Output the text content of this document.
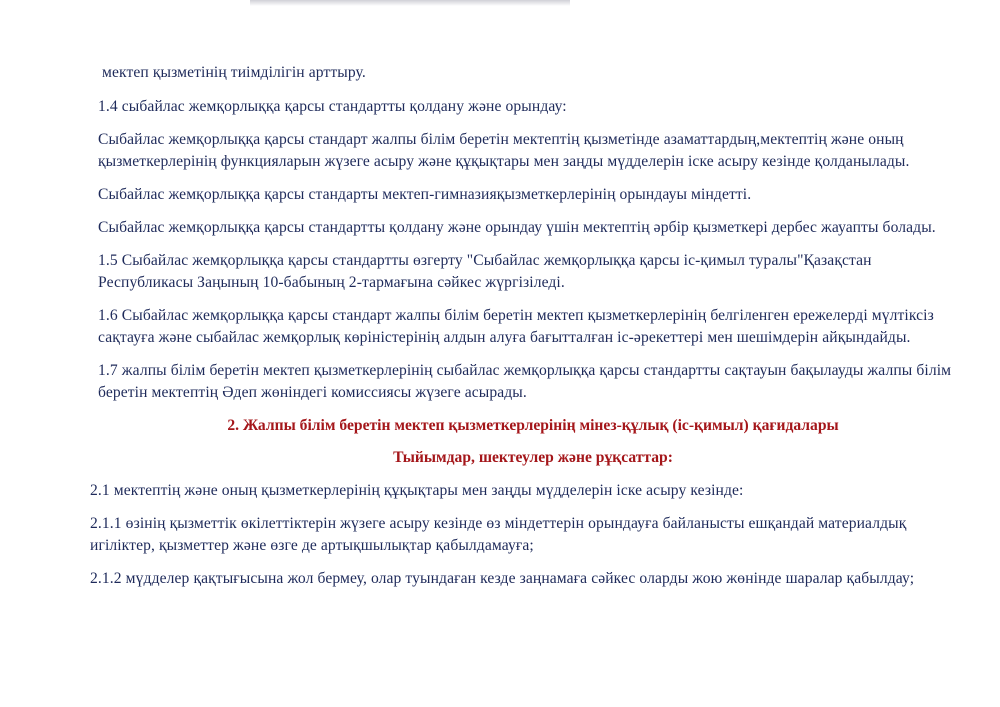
мектеп қызметінің тиімділігін арттыру.

1.4 сыбайлас жемқорлыққа қарсы стандартты қолдану және орындау:

Сыбайлас жемқорлыққа қарсы стандарт жалпы білім беретін мектептің қызметінде азаматтардың,мектептің және оның қызметкерлерінің функцияларын жүзеге асыру және құқықтары мен заңды мүдделерін іске асыру кезінде қолданылады.

Сыбайлас жемқорлыққа қарсы стандарты мектеп-гимназияқызметкерлерінің орындауы міндетті.

Сыбайлас жемқорлыққа қарсы стандартты қолдану және орындау үшін мектептің әрбір қызметкері дербес жауапты болады.

1.5 Сыбайлас жемқорлыққа қарсы стандартты өзгерту "Сыбайлас жемқорлыққа қарсы іс-қимыл туралы"Қазақстан Республикасы Заңының 10-бабының 2-тармағына сәйкес жүргізіледі.

1.6 Сыбайлас жемқорлыққа қарсы стандарт жалпы білім беретін мектеп қызметкерлерінің белгіленген ережелерді мүлтіксіз сақтауға және сыбайлас жемқорлық көріністерінің алдын алуға бағытталған іс-әрекеттері мен шешімдерін айқындайды.

1.7 жалпы білім беретін мектеп қызметкерлерінің сыбайлас жемқорлыққа қарсы стандартты сақтауын бақылауды жалпы білім беретін мектептің Әдеп жөніндегі комиссиясы жүзеге асырады.

2. Жалпы білім беретін мектеп қызметкерлерінің мінез-құлық (іс-қимыл) қағидалары
Тыйымдар, шектеулер және рұқсаттар:

2.1 мектептің және оның қызметкерлерінің құқықтары мен заңды мүдделерін іске асыру кезінде:

2.1.1 өзінің қызметтік өкілеттіктерін жүзеге асыру кезінде өз міндеттерін орындауға байланысты ешқандай материалдық игіліктер, қызметтер және өзге де артықшылықтар қабылдамауға;

2.1.2 мүдделер қақтығысына жол бермеу, олар туындаған кезде заңнамаға сәйкес оларды жою жөнінде шаралар қабылдау;
